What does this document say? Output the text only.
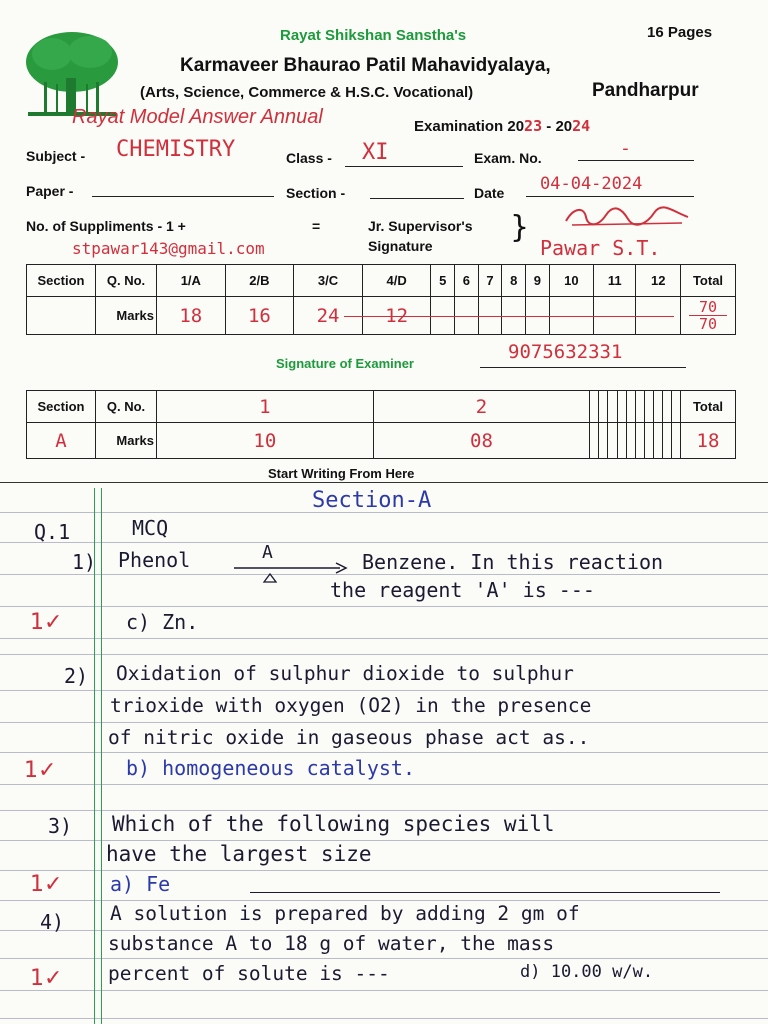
Rayat Shikshan Sanstha's	16 Pages
Karmaveer Bhaurao Patil Mahavidyalaya,
(Arts, Science, Commerce & H.S.C. Vocational)	Pandharpur
Rayat Model Answer Annual	Examination 2023 - 2024
Subject - CHEMISTRY	Class - XI	Exam. No.	-
Paper -	Section -	Date 04-04-2024
No. of Suppliments - 1 +	=	Jr. Supervisor's }
Signature
stpawar143@gmail.com	Pawar S.T.
Section	Q. No.	1/A	2/B	3/C	4/D	5	6	7	8	9	10	11	12	Total
	Marks	18	16	24	12									70
70
Signature of Examiner
9075632331
Section	Q. No.	1	2											Total
A	Marks	10	08											18
Start Writing From Here
Section-A
Q.1	MCQ
1) Phenol	A	Benzene. In this reaction
the reagent 'A' is ---
1✓	c) Zn.
2) Oxidation of sulphur dioxide to sulphur
trioxide with oxygen (O2) in the presence
of nitric oxide in gaseous phase act as..
1✓	b) homogeneous catalyst.
3) Which of the following species will
have the largest size
1✓ a) Fe
4) A solution is prepared by adding 2 gm of
substance A to 18 g of water, the mass
1✓ percent of solute is ---	d) 10.00 w/w.
